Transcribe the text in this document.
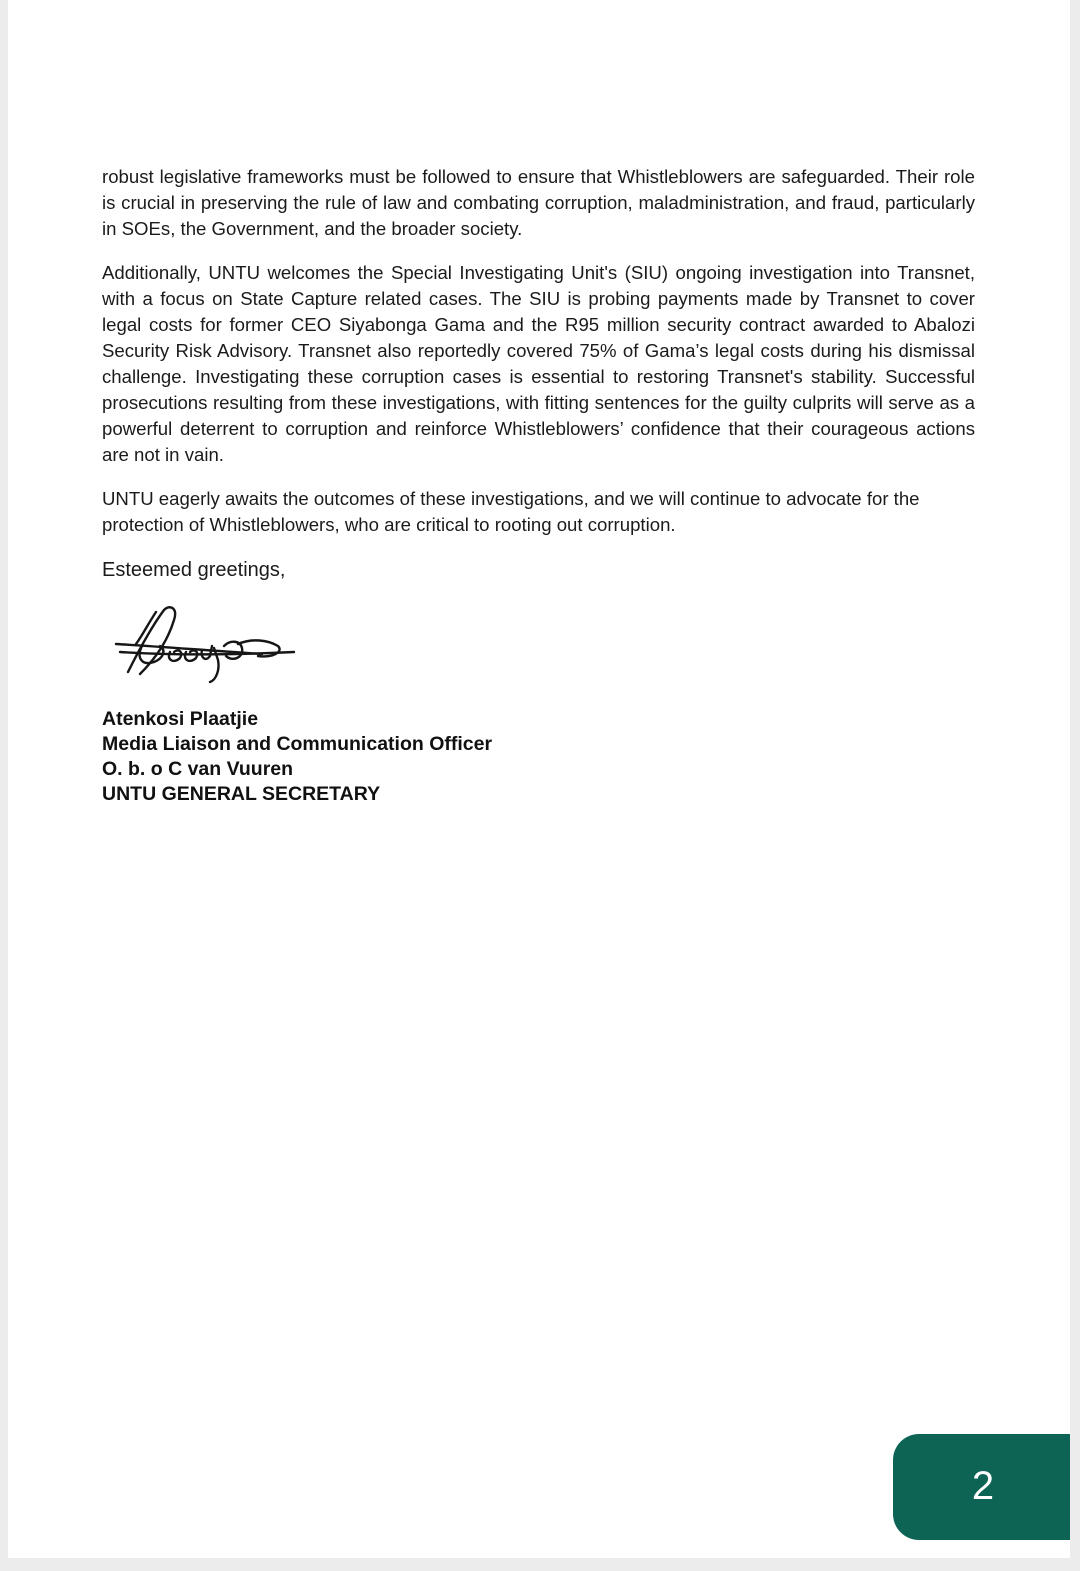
robust legislative frameworks must be followed to ensure that Whistleblowers are safeguarded. Their role is crucial in preserving the rule of law and combating corruption, maladministration, and fraud, particularly in SOEs, the Government, and the broader society.

Additionally, UNTU welcomes the Special Investigating Unit's (SIU) ongoing investigation into Transnet, with a focus on State Capture related cases. The SIU is probing payments made by Transnet to cover legal costs for former CEO Siyabonga Gama and the R95 million security contract awarded to Abalozi Security Risk Advisory. Transnet also reportedly covered 75% of Gama’s legal costs during his dismissal challenge. Investigating these corruption cases is essential to restoring Transnet's stability. Successful prosecutions resulting from these investigations, with fitting sentences for the guilty culprits will serve as a powerful deterrent to corruption and reinforce Whistleblowers’ confidence that their courageous actions are not in vain.

UNTU eagerly awaits the outcomes of these investigations, and we will continue to advocate for the protection of Whistleblowers, who are critical to rooting out corruption.

Esteemed greetings,

Atenkosi Plaatjie
Media Liaison and Communication Officer
O. b. o C van Vuuren
UNTU GENERAL SECRETARY
2
